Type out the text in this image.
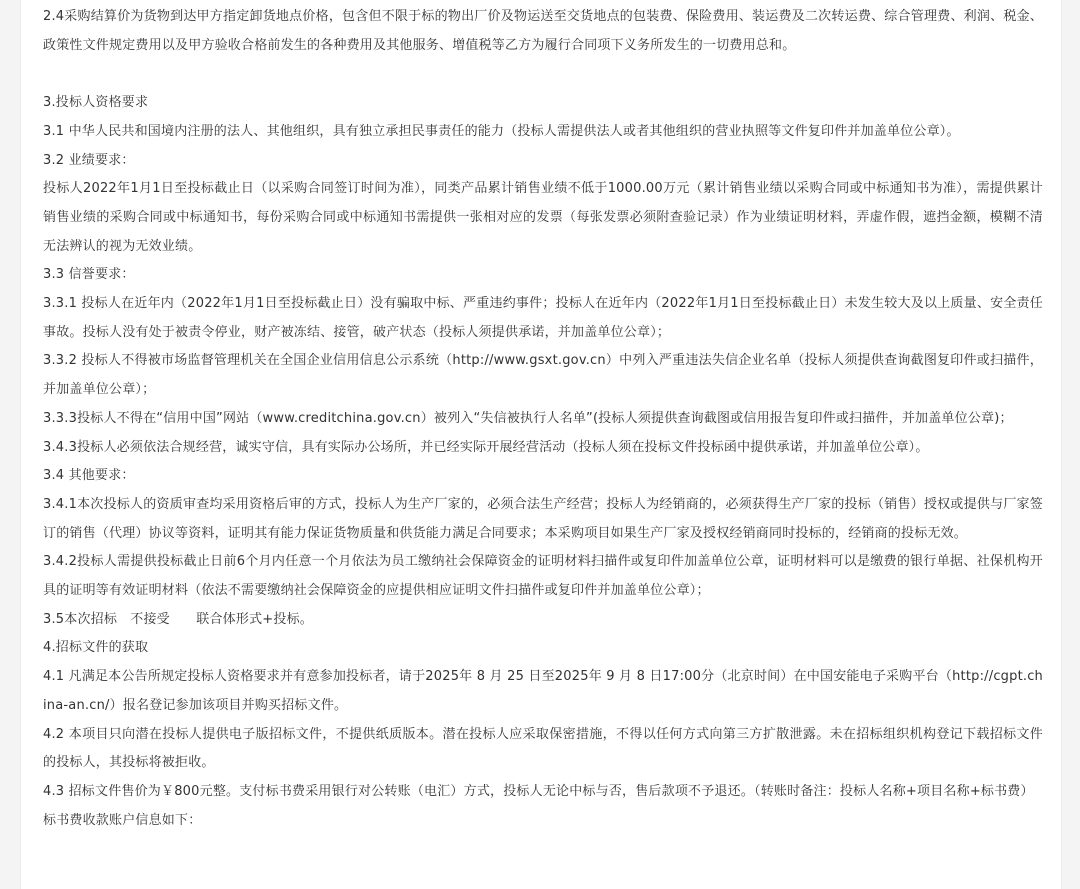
2.4采购结算价为货物到达甲方指定卸货地点价格，包含但不限于标的物出厂价及物运送至交货地点的包装费、保险费用、装运费及二次转运费、综合管理费、利润、税金、政策性文件规定费用以及甲方验收合格前发生的各种费用及其他服务、增值税等乙方为履行合同项下义务所发生的一切费用总和。

3.投标人资格要求

3.1 中华人民共和国境内注册的法人、其他组织，具有独立承担民事责任的能力（投标人需提供法人或者其他组织的营业执照等文件复印件并加盖单位公章）。

3.2 业绩要求：

投标人2022年1月1日至投标截止日（以采购合同签订时间为准），同类产品累计销售业绩不低于1000.00万元（累计销售业绩以采购合同或中标通知书为准），需提供累计销售业绩的采购合同或中标通知书，每份采购合同或中标通知书需提供一张相对应的发票（每张发票必须附查验记录）作为业绩证明材料，弄虚作假，遮挡金额，模糊不清无法辨认的视为无效业绩。

3.3 信誉要求：

3.3.1 投标人在近年内（2022年1月1日至投标截止日）没有骗取中标、严重违约事件；投标人在近年内（2022年1月1日至投标截止日）未发生较大及以上质量、安全责任事故。投标人没有处于被责令停业，财产被冻结、接管，破产状态（投标人须提供承诺，并加盖单位公章）；

3.3.2 投标人不得被市场监督管理机关在全国企业信用信息公示系统（http://www.gsxt.gov.cn）中列入严重违法失信企业名单（投标人须提供查询截图复印件或扫描件，并加盖单位公章）；

3.3.3投标人不得在“信用中国”网站（www.creditchina.gov.cn）被列入“失信被执行人名单”(投标人须提供查询截图或信用报告复印件或扫描件，并加盖单位公章)；

3.4.3投标人必须依法合规经营，诚实守信，具有实际办公场所，并已经实际开展经营活动（投标人须在投标文件投标函中提供承诺，并加盖单位公章）。

3.4 其他要求：

3.4.1本次投标人的资质审查均采用资格后审的方式，投标人为生产厂家的，必须合法生产经营；投标人为经销商的，必须获得生产厂家的投标（销售）授权或提供与厂家签订的销售（代理）协议等资料，证明其有能力保证货物质量和供货能力满足合同要求；本采购项目如果生产厂家及授权经销商同时投标的，经销商的投标无效。

3.4.2投标人需提供投标截止日前6个月内任意一个月依法为员工缴纳社会保障资金的证明材料扫描件或复印件加盖单位公章，证明材料可以是缴费的银行单据、社保机构开具的证明等有效证明材料（依法不需要缴纳社会保障资金的应提供相应证明文件扫描件或复印件并加盖单位公章）；

3.5本次招标　不接受　　联合体形式+投标。

4.招标文件的获取

4.1 凡满足本公告所规定投标人资格要求并有意参加投标者，请于2025年 8 月 25 日至2025年 9 月 8 日17:00分（北京时间）在中国安能电子采购平台（http://cgpt.china-an.cn/）报名登记参加该项目并购买招标文件。

4.2 本项目只向潜在投标人提供电子版招标文件，不提供纸质版本。潜在投标人应采取保密措施，不得以任何方式向第三方扩散泄露。未在招标组织机构登记下载招标文件的投标人，其投标将被拒收。

4.3 招标文件售价为￥800元整。支付标书费采用银行对公转账（电汇）方式，投标人无论中标与否，售后款项不予退还。（转账时备注：投标人名称+项目名称+标书费）

标书费收款账户信息如下：
